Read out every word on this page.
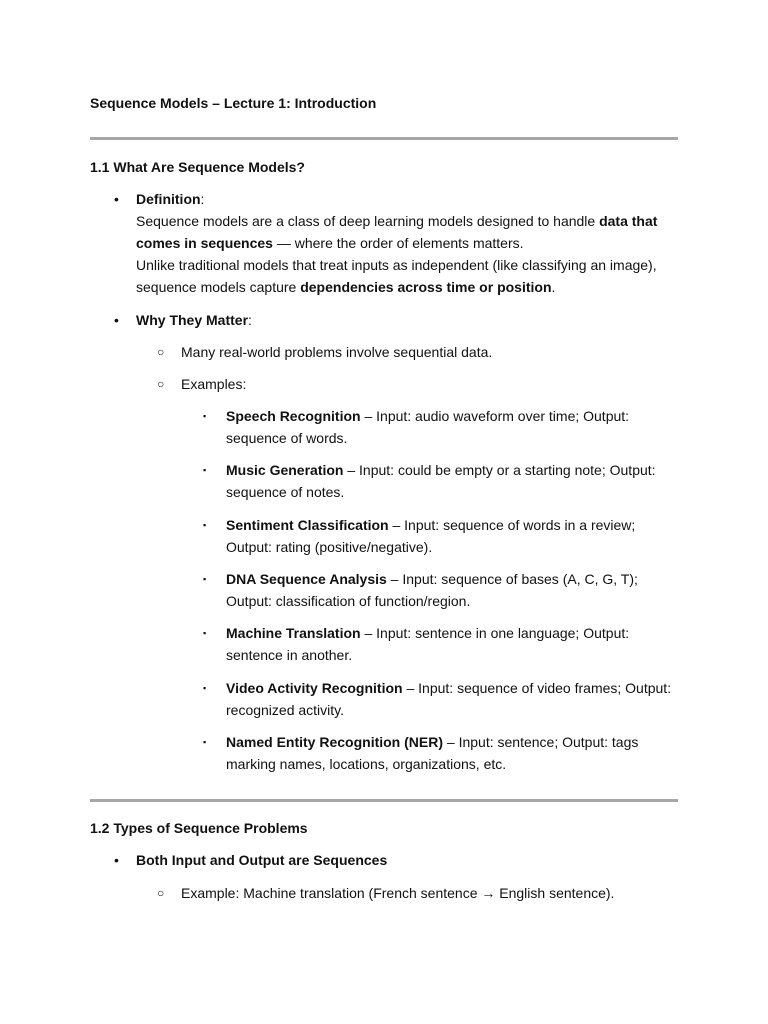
Sequence Models – Lecture 1: Introduction
1.1 What Are Sequence Models?
•	Definition:
Sequence models are a class of deep learning models designed to handle data that comes in sequences — where the order of elements matters.
Unlike traditional models that treat inputs as independent (like classifying an image), sequence models capture dependencies across time or position.
•	Why They Matter:
○ Many real-world problems involve sequential data.
○ Examples:
▪ Speech Recognition – Input: audio waveform over time; Output: sequence of words.
▪ Music Generation – Input: could be empty or a starting note; Output: sequence of notes.
▪ Sentiment Classification – Input: sequence of words in a review; Output: rating (positive/negative).
▪ DNA Sequence Analysis – Input: sequence of bases (A, C, G, T); Output: classification of function/region.
▪ Machine Translation – Input: sentence in one language; Output: sentence in another.
▪ Video Activity Recognition – Input: sequence of video frames; Output: recognized activity.
▪ Named Entity Recognition (NER) – Input: sentence; Output: tags marking names, locations, organizations, etc.
1.2 Types of Sequence Problems
•	Both Input and Output are Sequences
○ Example: Machine translation (French sentence → English sentence).
